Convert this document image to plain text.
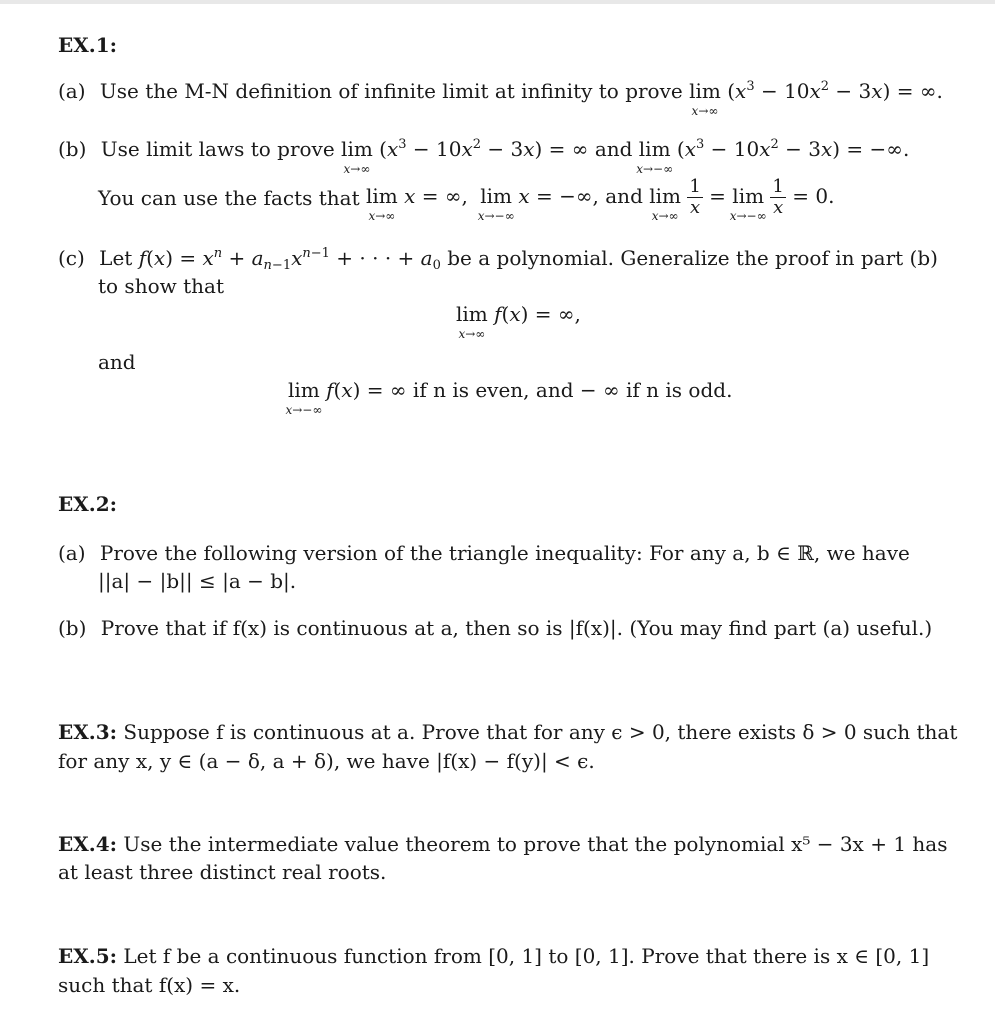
EX.1:
(a) Use the M-N definition of infinite limit at infinity to prove lim
x→∞
$(x^3 - 10x^2 - 3x)$ = ∞.
(b) Use limit laws to prove lim
x→∞
$(x^3 - 10x^2 - 3x)$ = ∞ and lim
x→−∞
$(x^3 - 10x^2 - 3x)$ = −∞.
You can use the facts that lim
x→∞
x = ∞, lim
x→−∞
x = −∞, and lim
x→∞
$\frac{1}{x} = \lim$
x→−∞
$\frac{1}{x} = 0$.
(c) Let $f(x) = x^n + a_{n-1}x^{n-1}$ + · · · + $a_0$ be a polynomial. Generalize the proof in part (b)
to show that
lim
x→∞
f(x) = ∞,
and
lim
x→−∞
f(x) = ∞ if n is even, and − ∞ if n is odd.
EX.2:
(a) Prove the following version of the triangle inequality: For any a, b ∈ ℝ, we have
||a| − |b|| ≤ |a − b|.
(b) Prove that if f(x) is continuous at a, then so is |f(x)|. (You may find part (a) useful.)
EX.3: Suppose f is continuous at a. Prove that for any ϵ > 0, there exists δ > 0 such that
for any x, y ∈ (a − δ, a + δ), we have |f(x) − f(y)| < ϵ.
EX.4: Use the intermediate value theorem to prove that the polynomial x⁵ − 3x + 1 has
at least three distinct real roots.
EX.5: Let f be a continuous function from [0, 1] to [0, 1]. Prove that there is x ∈ [0, 1]
such that f(x) = x.
